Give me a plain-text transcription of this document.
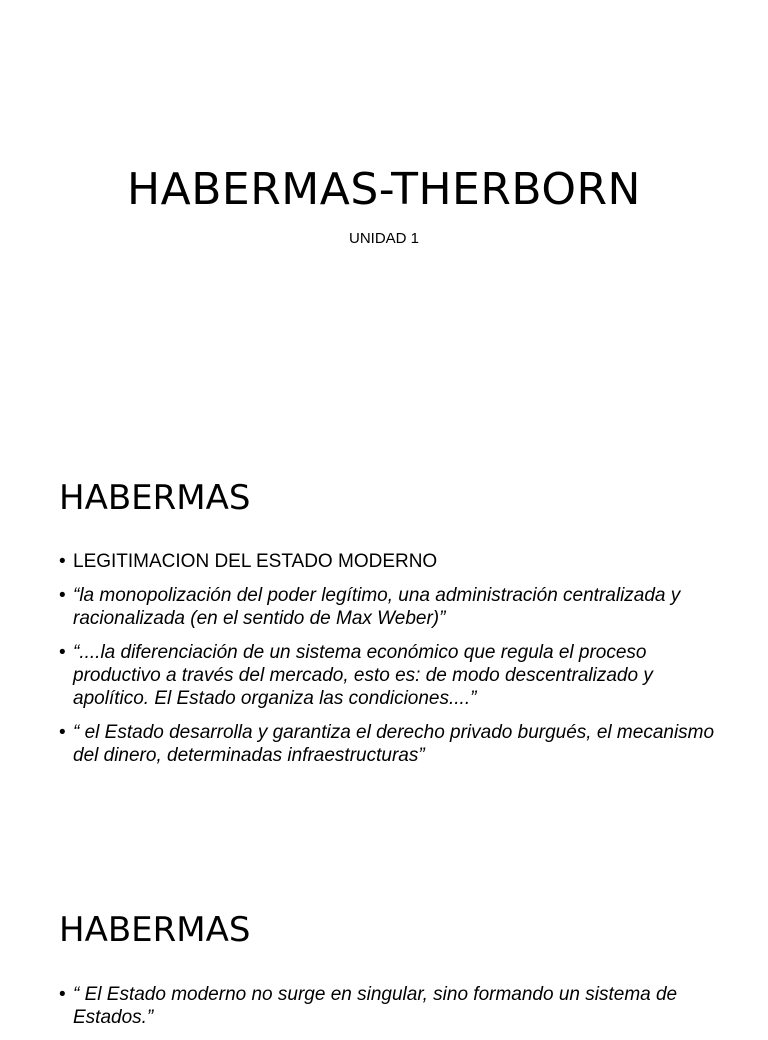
HABERMAS-THERBORN
UNIDAD 1
HABERMAS
• LEGITIMACION DEL ESTADO MODERNO
• “la monopolización del poder legítimo, una administración centralizada y racionalizada (en el sentido de Max Weber)”
• “....la diferenciación de un sistema económico que regula el proceso productivo a través del mercado, esto es: de modo descentralizado y apolítico. El Estado organiza las condiciones....”
• “ el Estado desarrolla y garantiza el derecho privado burgués, el mecanismo del dinero, determinadas infraestructuras”
HABERMAS
• “ El Estado moderno no surge en singular, sino formando un sistema de Estados.”
